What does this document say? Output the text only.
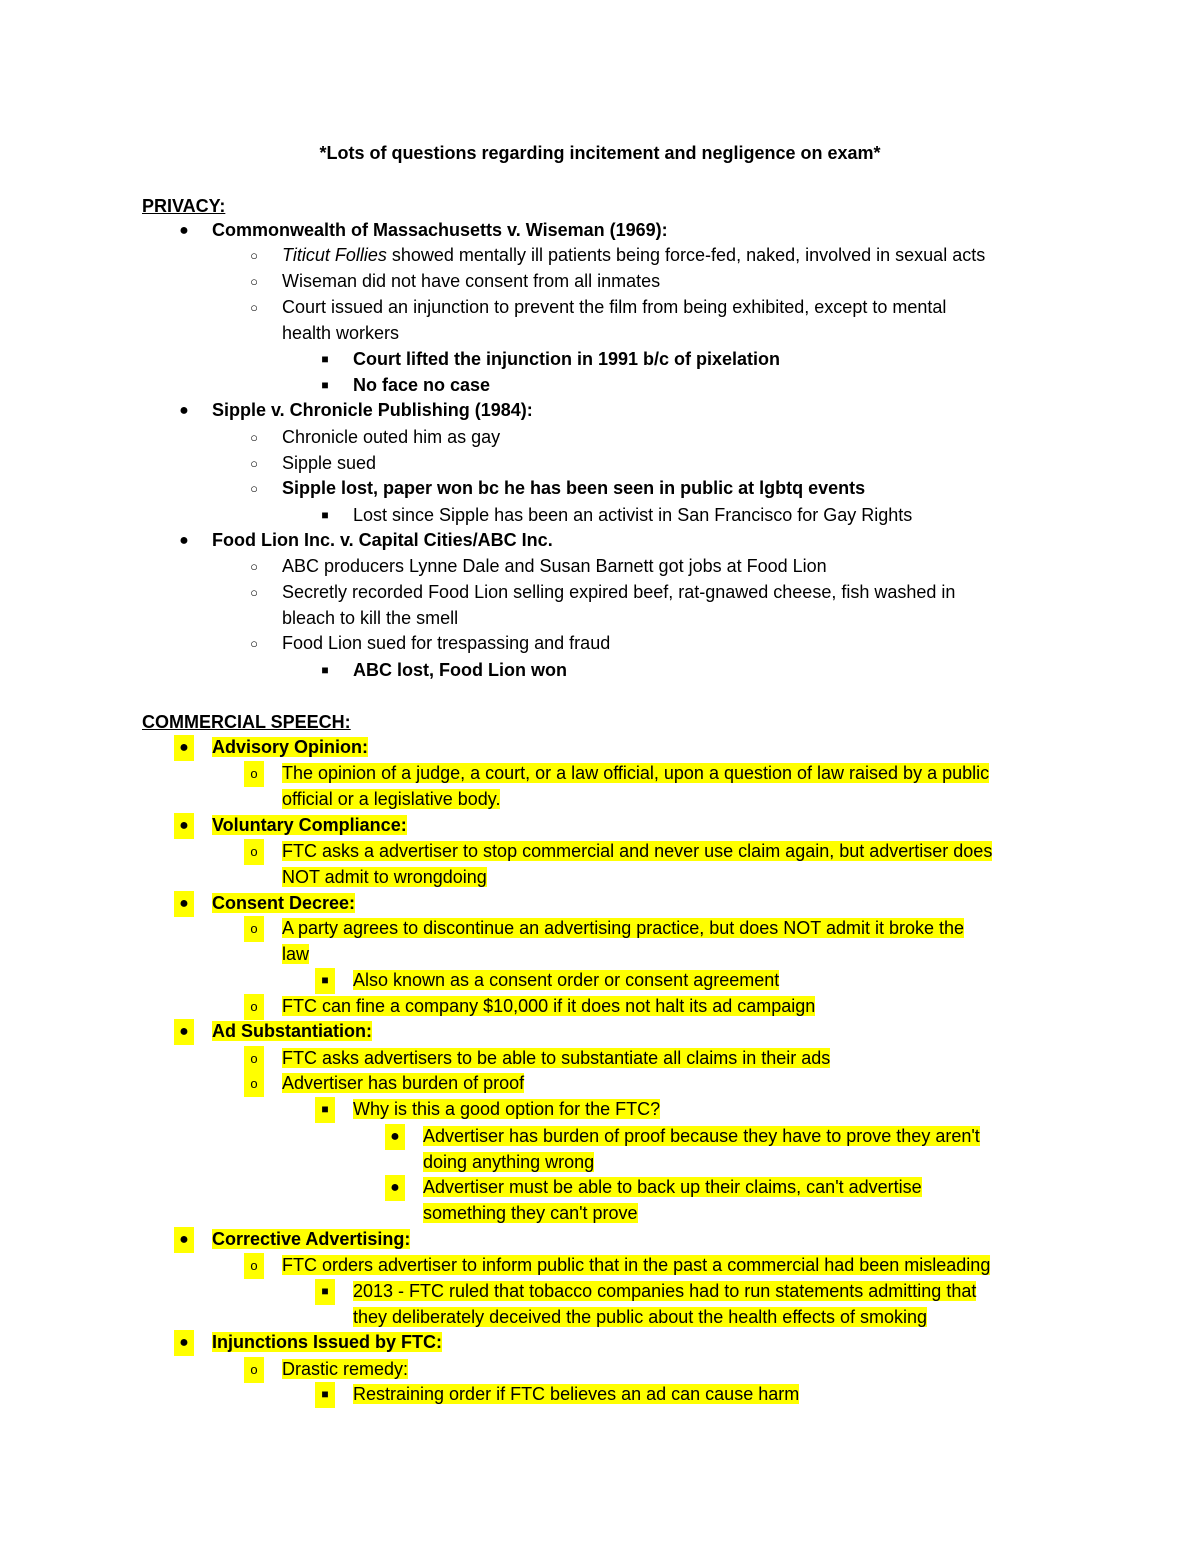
*Lots of questions regarding incitement and negligence on exam*
PRIVACY:
● Commonwealth of Massachusetts v. Wiseman (1969):
○	Titicut Follies showed mentally ill patients being force-fed, naked, involved in sexual acts
○	Wiseman did not have consent from all inmates
○	Court issued an injunction to prevent the film from being exhibited, except to mental
health workers
■	Court lifted the injunction in 1991 b/c of pixelation
■	No face no case
● Sipple v. Chronicle Publishing (1984):
○	Chronicle outed him as gay
○	Sipple sued
○	Sipple lost, paper won bc he has been seen in public at lgbtq events
■	Lost since Sipple has been an activist in San Francisco for Gay Rights
● Food Lion Inc. v. Capital Cities/ABC Inc.
○	ABC producers Lynne Dale and Susan Barnett got jobs at Food Lion
○	Secretly recorded Food Lion selling expired beef, rat-gnawed cheese, fish washed in
bleach to kill the smell
○	Food Lion sued for trespassing and fraud
■	ABC lost, Food Lion won
COMMERCIAL SPEECH:
● Advisory Opinion:
o	The opinion of a judge, a court, or a law official, upon a question of law raised by a public
official or a legislative body.
● Voluntary Compliance:
o	FTC asks a advertiser to stop commercial and never use claim again, but advertiser does
NOT admit to wrongdoing
● Consent Decree:
o	A party agrees to discontinue an advertising practice, but does NOT admit it broke the
law
■	Also known as a consent order or consent agreement
o	FTC can fine a company $10,000 if it does not halt its ad campaign
● Ad Substantiation:
o	FTC asks advertisers to be able to substantiate all claims in their ads
o	Advertiser has burden of proof
■	Why is this a good option for the FTC?
● Advertiser has burden of proof because they have to prove they aren't
doing anything wrong
● Advertiser must be able to back up their claims, can't advertise
something they can't prove
● Corrective Advertising:
o	FTC orders advertiser to inform public that in the past a commercial had been misleading
■	2013 - FTC ruled that tobacco companies had to run statements admitting that
they deliberately deceived the public about the health effects of smoking
● Injunctions Issued by FTC:
o	Drastic remedy:
■	Restraining order if FTC believes an ad can cause harm
